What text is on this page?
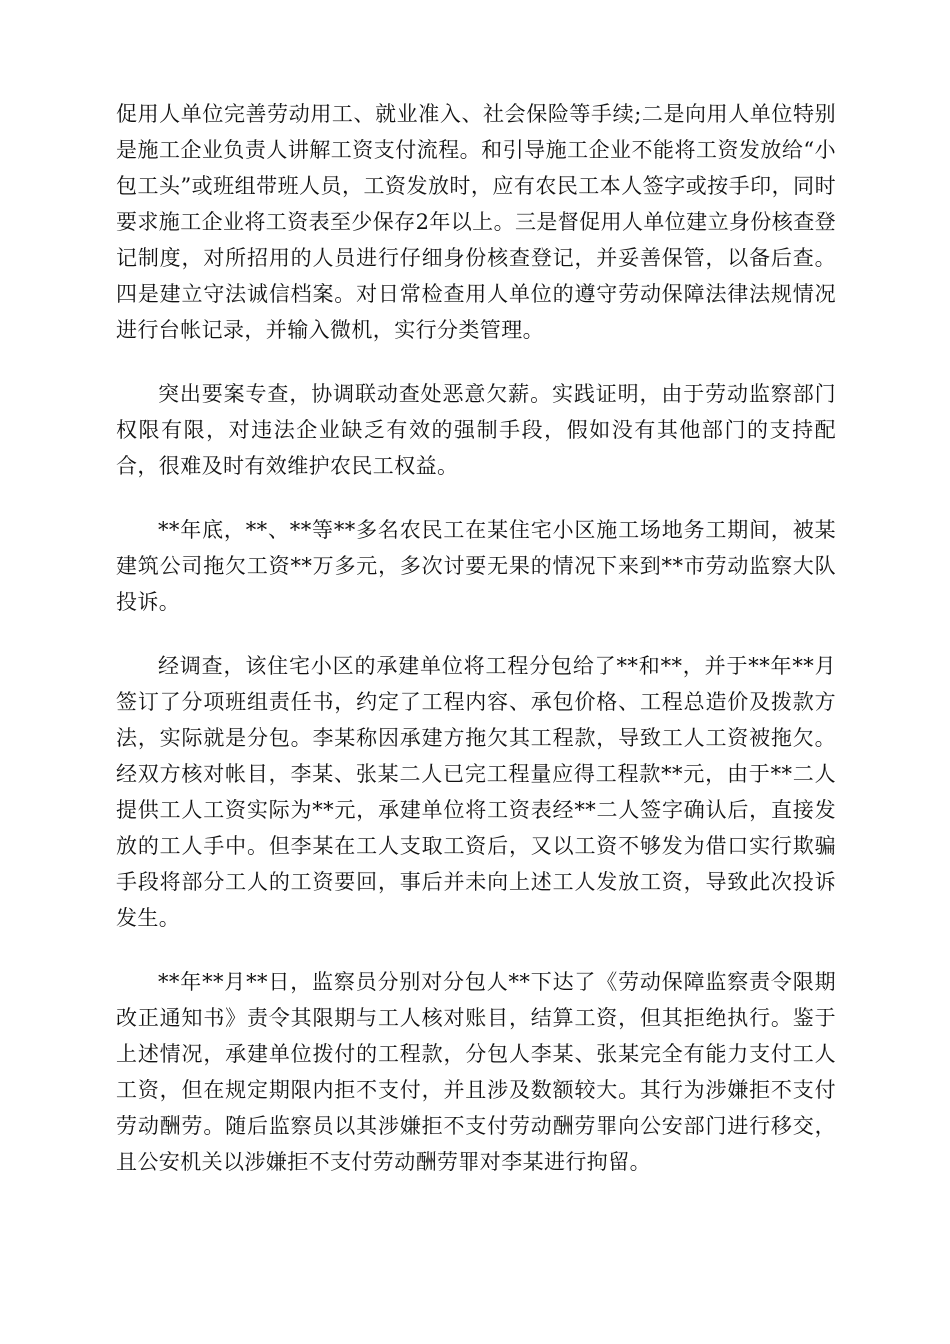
促用人单位完善劳动用工、就业准入、社会保险等手续;二是向用人单位特别是施工企业负责人讲解工资支付流程。和引导施工企业不能将工资发放给“小包工头”或班组带班人员，工资发放时，应有农民工本人签字或按手印，同时要求施工企业将工资表至少保存2年以上。三是督促用人单位建立身份核查登记制度，对所招用的人员进行仔细身份核查登记，并妥善保管，以备后查。四是建立守法诚信档案。对日常检查用人单位的遵守劳动保障法律法规情况进行台帐记录，并输入微机，实行分类管理。

突出要案专查，协调联动查处恶意欠薪。实践证明，由于劳动监察部门权限有限，对违法企业缺乏有效的强制手段，假如没有其他部门的支持配合，很难及时有效维护农民工权益。

**年底，**、**等**多名农民工在某住宅小区施工场地务工期间，被某建筑公司拖欠工资**万多元，多次讨要无果的情况下来到**市劳动监察大队投诉。

经调查，该住宅小区的承建单位将工程分包给了**和**，并于**年**月签订了分项班组责任书，约定了工程内容、承包价格、工程总造价及拨款方法，实际就是分包。李某称因承建方拖欠其工程款，导致工人工资被拖欠。经双方核对帐目，李某、张某二人已完工程量应得工程款**元，由于**二人提供工人工资实际为**元，承建单位将工资表经**二人签字确认后，直接发放的工人手中。但李某在工人支取工资后，又以工资不够发为借口实行欺骗手段将部分工人的工资要回，事后并未向上述工人发放工资，导致此次投诉发生。

**年**月**日，监察员分别对分包人**下达了《劳动保障监察责令限期改正通知书》责令其限期与工人核对账目，结算工资，但其拒绝执行。鉴于上述情况，承建单位拨付的工程款，分包人李某、张某完全有能力支付工人工资，但在规定期限内拒不支付，并且涉及数额较大。其行为涉嫌拒不支付劳动酬劳。随后监察员以其涉嫌拒不支付劳动酬劳罪向公安部门进行移交，且公安机关以涉嫌拒不支付劳动酬劳罪对李某进行拘留。
